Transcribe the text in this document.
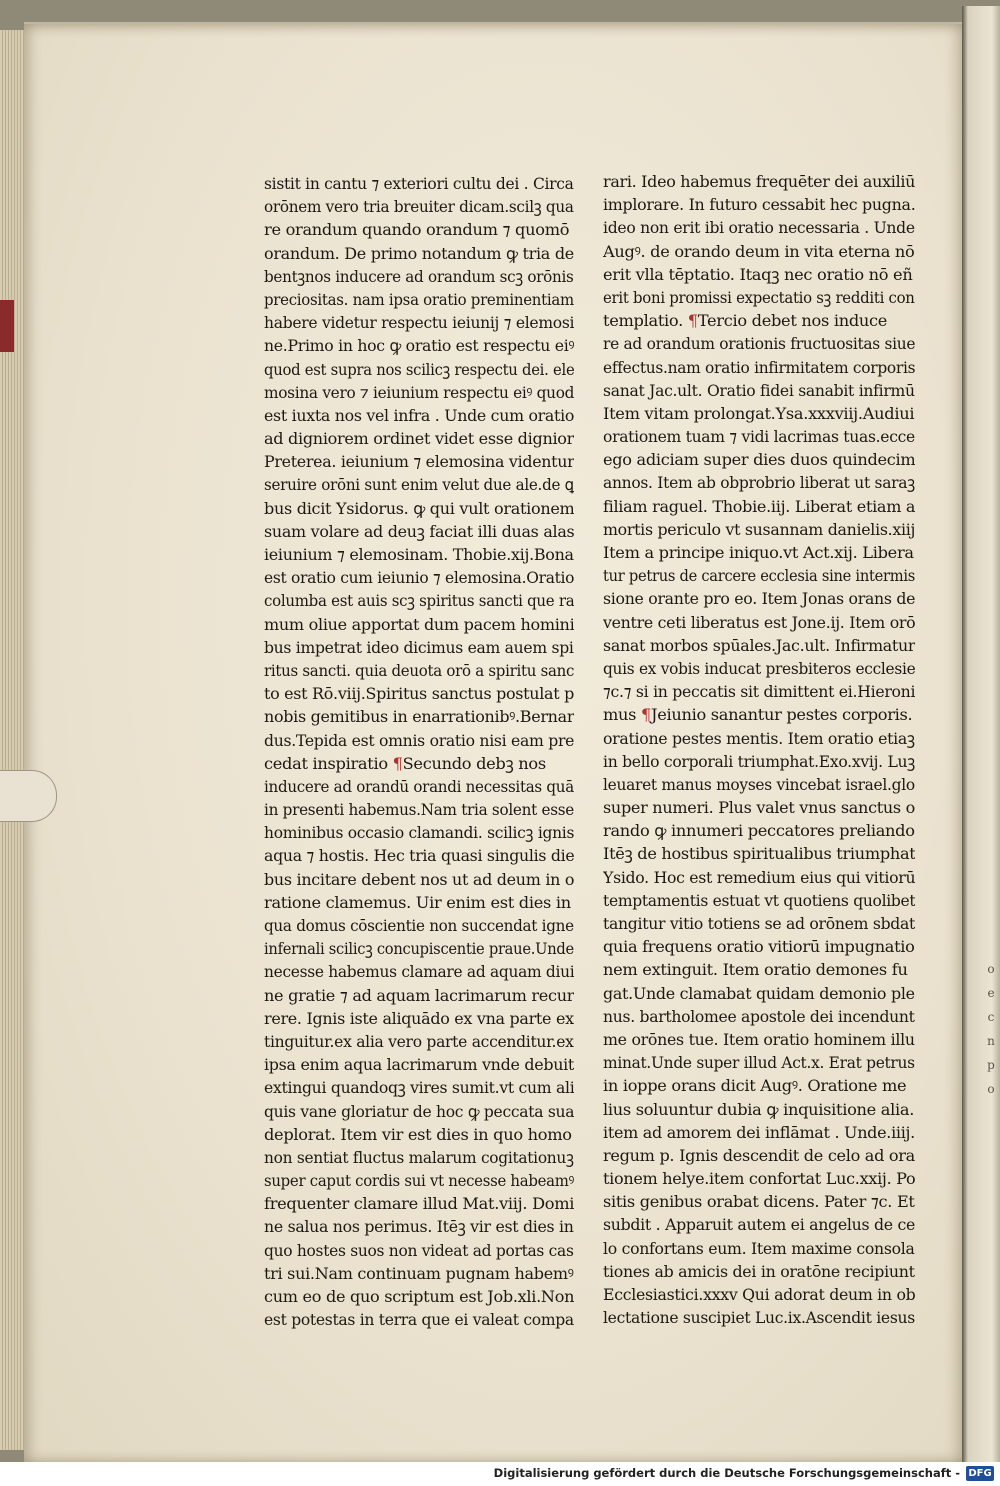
o
e
c
n
p
o
sistit in cantu ⁊ exteriori cultu dei . Circa
orōnem vero tria breuiter dicam.scilꝫ qua
re orandum quando orandum ⁊ quomō
orandum. De primo notandum ꝙ tria de
bentꝫnos inducere ad orandum scꝫ orōnis
preciositas. nam ipsa oratio preminentiam
habere videtur respectu ieiunij ⁊ elemosi
ne.Primo in hoc ꝙ oratio est respectu eiꝰ
quod est supra nos scilicꝫ respectu dei. ele
mosina vero ⁊ ieiunium respectu eiꝰ quod
est iuxta nos vel infra . Unde cum oratio
ad digniorem ordinet videt esse dignior
Preterea. ieiunium ⁊ elemosina videntur
seruire orōni sunt enim velut due ale.de ꝗ
bus dicit Ysidorus. ꝙ qui vult orationem
suam volare ad deuꝫ faciat illi duas alas
ieiunium ⁊ elemosinam. Thobie.xij.Bona
est oratio cum ieiunio ⁊ elemosina.Oratio
columba est auis scꝫ spiritus sancti que ra
mum oliue apportat dum pacem homini
bus impetrat ideo dicimus eam auem spi
ritus sancti. quia deuota orō a spiritu sanc
to est Rō.viij.Spiritus sanctus postulat p
nobis gemitibus in enarrationibꝰ.Bernar
dus.Tepida est omnis oratio nisi eam pre
cedat inspiratio ¶Secundo debꝫ nos
inducere ad orandū orandi necessitas quā
in presenti habemus.Nam tria solent esse
hominibus occasio clamandi. scilicꝫ ignis
aqua ⁊ hostis. Hec tria quasi singulis die
bus incitare debent nos ut ad deum in o
ratione clamemus. Uir enim est dies in
qua domus cōscientie non succendat igne
infernali scilicꝫ concupiscentie praue.Unde
necesse habemus clamare ad aquam diui
ne gratie ⁊ ad aquam lacrimarum recur
rere. Ignis iste aliquādo ex vna parte ex
tinguitur.ex alia vero parte accenditur.ex
ipsa enim aqua lacrimarum vnde debuit
extingui quandoqꝫ vires sumit.vt cum ali
quis vane gloriatur de hoc ꝙ peccata sua
deplorat. Item vir est dies in quo homo
non sentiat fluctus malarum cogitationuꝫ
super caput cordis sui vt necesse habeamꝰ
frequenter clamare illud Mat.viij. Domi
ne salua nos perimus. Itēꝫ vir est dies in
quo hostes suos non videat ad portas cas
tri sui.Nam continuam pugnam habemꝰ
cum eo de quo scriptum est Job.xli.Non
est potestas in terra que ei valeat compa
rari. Ideo habemus frequēter dei auxiliū
implorare. In futuro cessabit hec pugna.
ideo non erit ibi oratio necessaria . Unde
Augꝰ. de orando deum in vita eterna nō
erit vlla tēptatio. Itaqꝫ nec oratio nō eñ
erit boni promissi expectatio sꝫ redditi con
templatio. ¶Tercio debet nos induce
re ad orandum orationis fructuositas siue
effectus.nam oratio infirmitatem corporis
sanat Jac.ult. Oratio fidei sanabit infirmū
Item vitam prolongat.Ysa.xxxviij.Audiui
orationem tuam ⁊ vidi lacrimas tuas.ecce
ego adiciam super dies duos quindecim
annos. Item ab obprobrio liberat ut saraꝫ
filiam raguel. Thobie.iij. Liberat etiam a
mortis periculo vt susannam danielis.xiij
Item a principe iniquo.vt Act.xij. Libera
tur petrus de carcere ecclesia sine intermis
sione orante pro eo. Item Jonas orans de
ventre ceti liberatus est Jone.ij. Item orō
sanat morbos spūales.Jac.ult. Infirmatur
quis ex vobis inducat presbiteros ecclesie
⁊c.⁊ si in peccatis sit dimittent ei.Hieroni
mus ¶Jeiunio sanantur pestes corporis.
oratione pestes mentis. Item oratio etiaꝫ
in bello corporali triumphat.Exo.xvij. Luꝫ
leuaret manus moyses vincebat israel.glo
super numeri. Plus valet vnus sanctus o
rando ꝙ innumeri peccatores preliando
Itēꝫ de hostibus spiritualibus triumphat
Ysido. Hoc est remedium eius qui vitiorū
temptamentis estuat vt quotiens quolibet
tangitur vitio totiens se ad orōnem sbdat
quia frequens oratio vitiorū impugnatio
nem extinguit. Item oratio demones fu
gat.Unde clamabat quidam demonio ple
nus. bartholomee apostole dei incendunt
me orōnes tue. Item oratio hominem illu
minat.Unde super illud Act.x. Erat petrus
in ioppe orans dicit Augꝰ. Oratione me
lius soluuntur dubia ꝙ inquisitione alia.
item ad amorem dei inflāmat . Unde.iiij.
regum p. Ignis descendit de celo ad ora
tionem helye.item confortat Luc.xxij. Po
sitis genibus orabat dicens. Pater ⁊c. Et
subdit . Apparuit autem ei angelus de ce
lo confortans eum. Item maxime consola
tiones ab amicis dei in oratōne recipiunt
Ecclesiastici.xxxv Qui adorat deum in ob
lectatione suscipiet Luc.ix.Ascendit iesus
Digitalisierung gefördert durch die Deutsche Forschungsgemeinschaft - DFG
